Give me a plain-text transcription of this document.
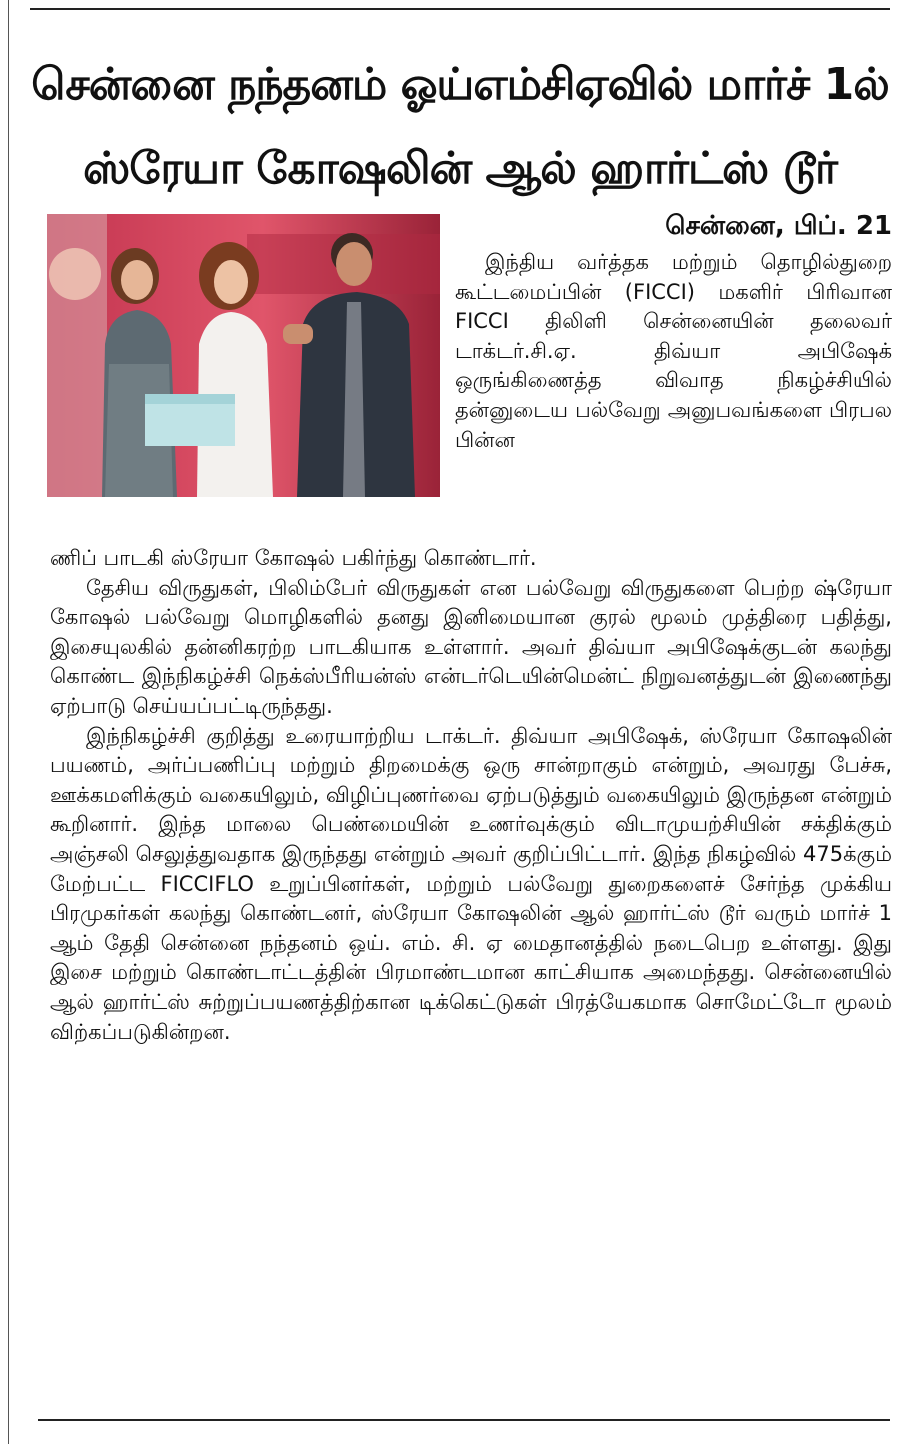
சென்னை நந்தனம் ஓய்எம்சிஏவில் மார்ச் 1ல்
ஸ்ரேயா கோஷலின் ஆல் ஹார்ட்ஸ் டூர்
சென்னை, பிப். 21

இந்திய வர்த்தக மற்றும் தொழில்துறை கூட்டமைப்பின் (FICCI) மகளிர் பிரிவான FICCI திலிளி சென்னையின் தலைவர் டாக்டர்.சி.ஏ. திவ்யா அபிஷேக் ஒருங்கிணைத்த விவாத நிகழ்ச்சியில் தன்னுடைய பல்வேறு அனுபவங்களை பிரபல பின்ன

ணிப் பாடகி ஸ்ரேயா கோஷல் பகிர்ந்து கொண்டார்.

தேசிய விருதுகள், பிலிம்பேர் விருதுகள் என பல்வேறு விருதுகளை பெற்ற ஷ்ரேயா கோஷல் பல்வேறு மொழிகளில் தனது இனிமையான குரல் மூலம் முத்திரை பதித்து, இசையுலகில் தன்னிகரற்ற பாடகியாக உள்ளார். அவர் திவ்யா அபிஷேக்குடன் கலந்து கொண்ட இந்நிகழ்ச்சி நெக்ஸ்பீரியன்ஸ் என்டர்டெயின்மென்ட் நிறுவனத்துடன் இணைந்து ஏற்பாடு செய்யப்பட்டிருந்தது.

இந்நிகழ்ச்சி குறித்து உரையாற்றிய டாக்டர். திவ்யா அபிஷேக், ஸ்ரேயா கோஷலின் பயணம், அர்ப்பணிப்பு மற்றும் திறமைக்கு ஒரு சான்றாகும் என்றும், அவரது பேச்சு, ஊக்கமளிக்கும் வகையிலும், விழிப்புணர்வை ஏற்படுத்தும் வகையிலும் இருந்தன என்றும் கூறினார். இந்த மாலை பெண்மையின் உணர்வுக்கும் விடாமுயற்சியின் சக்திக்கும் அஞ்சலி செலுத்துவதாக இருந்தது என்றும் அவர் குறிப்பிட்டார். இந்த நிகழ்வில் 475க்கும் மேற்பட்ட FICCIFLO உறுப்பினர்கள், மற்றும் பல்வேறு துறைகளைச் சேர்ந்த முக்கிய பிரமுகர்கள் கலந்து கொண்டனர், ஸ்ரேயா கோஷலின் ஆல் ஹார்ட்ஸ் டூர் வரும் மார்ச் 1 ஆம் தேதி சென்னை நந்தனம் ஒய். எம். சி. ஏ மைதானத்தில் நடைபெற உள்ளது. இது இசை மற்றும் கொண்டாட்டத்தின் பிரமாண்டமான காட்சியாக அமைந்தது. சென்னையில் ஆல் ஹார்ட்ஸ் சுற்றுப்பயணத்திற்கான டிக்கெட்டுகள் பிரத்யேகமாக சொமேட்டோ மூலம் விற்கப்படுகின்றன.
